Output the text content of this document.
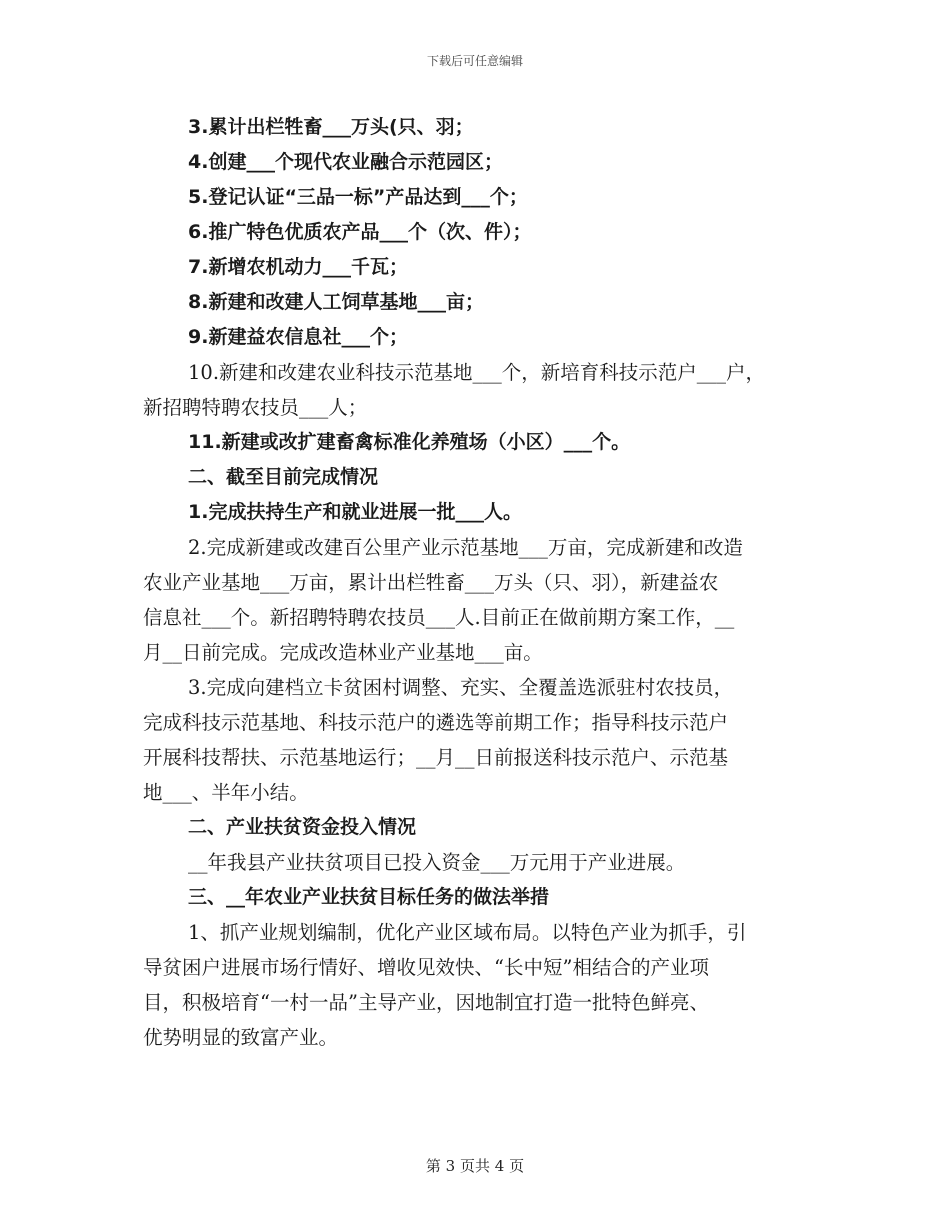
下载后可任意编辑
3.累计出栏牲畜___万头(只、羽；
4.创建___个现代农业融合示范园区；
5.登记认证“三品一标”产品达到___个；
6.推广特色优质农产品___个（次、件）；
7.新增农机动力___千瓦；
8.新建和改建人工饲草基地___亩；
9.新建益农信息社___个；
10.新建和改建农业科技示范基地___个，新培育科技示范户___户，
新招聘特聘农技员___人；
11.新建或改扩建畜禽标准化养殖场（小区）___个。
二、截至目前完成情况
1.完成扶持生产和就业进展一批___人。
2.完成新建或改建百公里产业示范基地___万亩，完成新建和改造
农业产业基地___万亩，累计出栏牲畜___万头（只、羽），新建益农
信息社___个。新招聘特聘农技员___人.目前正在做前期方案工作，__
月__日前完成。完成改造林业产业基地___亩。
3.完成向建档立卡贫困村调整、充实、全覆盖选派驻村农技员，
完成科技示范基地、科技示范户的遴选等前期工作；指导科技示范户
开展科技帮扶、示范基地运行；__月__日前报送科技示范户、示范基
地___、半年小结。
二、产业扶贫资金投入情况
__年我县产业扶贫项目已投入资金___万元用于产业进展。
三、__年农业产业扶贫目标任务的做法举措
1、抓产业规划编制，优化产业区域布局。以特色产业为抓手，引
导贫困户进展市场行情好、增收见效快、“长中短”相结合的产业项
目，积极培育“一村一品”主导产业，因地制宜打造一批特色鲜亮、
优势明显的致富产业。
第 3 页共 4 页
